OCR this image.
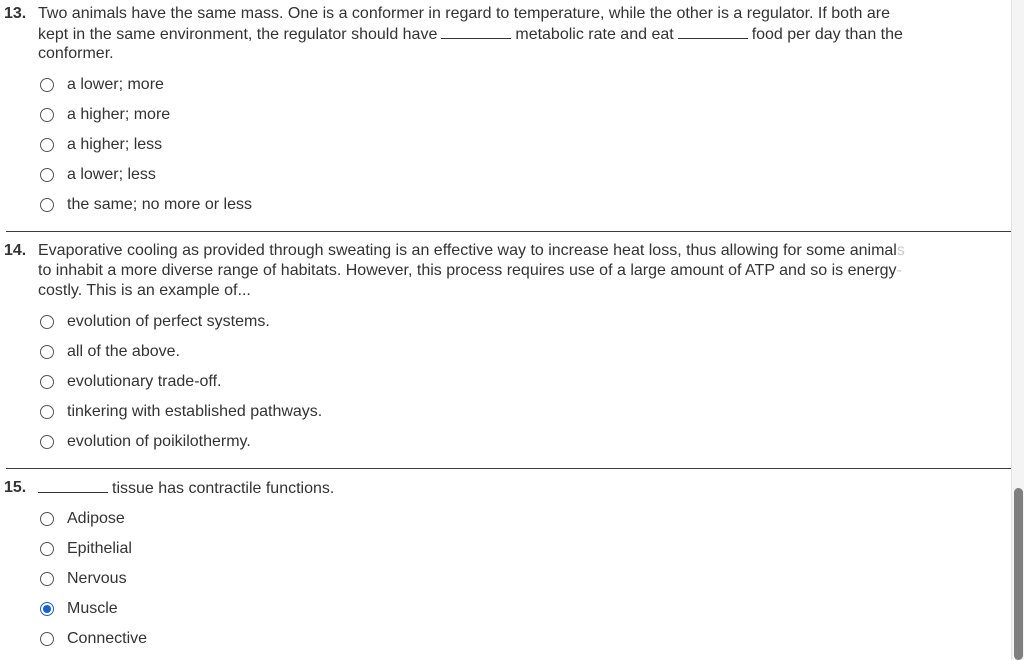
13. Two animals have the same mass. One is a conformer in regard to temperature, while the other is a regulator. If both are
kept in the same environment, the regulator should have	metabolic rate and eat	food per day than the
conformer.
a lower; more
a higher; more
a higher; less
a lower; less
the same; no more or less
14. Evaporative cooling as provided through sweating is an effective way to increase heat loss, thus allowing for some animals
to inhabit a more diverse range of habitats. However, this process requires use of a large amount of ATP and so is energy-
costly. This is an example of...
evolution of perfect systems.
all of the above.
evolutionary trade-off.
tinkering with established pathways.
evolution of poikilothermy.
15.	tissue has contractile functions.
Adipose
Epithelial
Nervous
Muscle
Connective
